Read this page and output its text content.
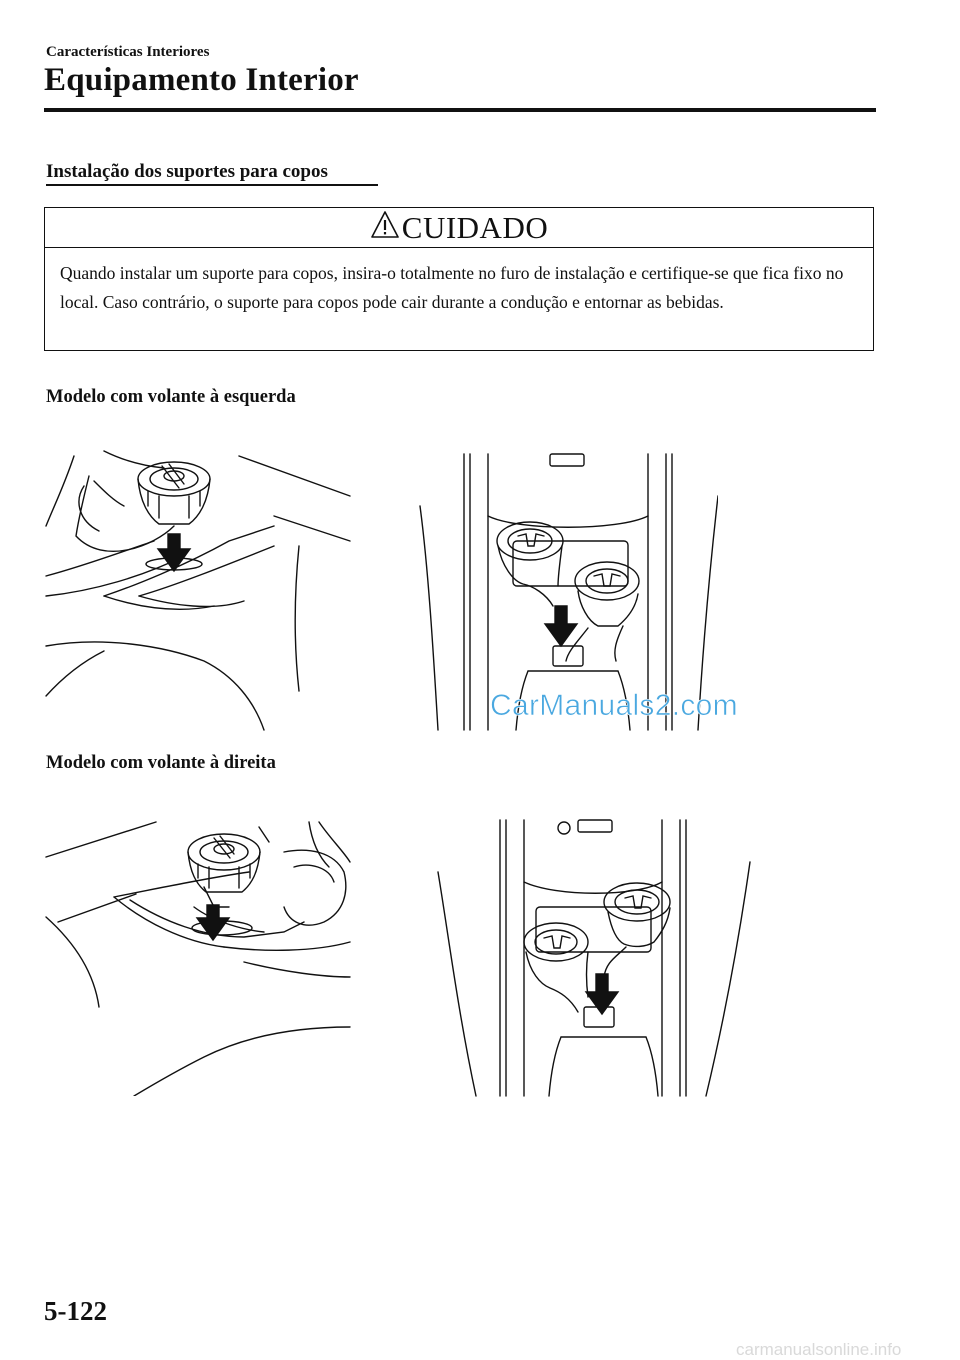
Características Interiores
Equipamento Interior
Instalação dos suportes para copos
CUIDADO
Quando instalar um suporte para copos, insira-o totalmente no furo de instalação e certifique-se que fica fixo no local. Caso contrário, o suporte para copos pode cair durante a condução e entornar as bebidas.
Modelo com volante à esquerda
CarManuals2.com
Modelo com volante à direita
5-122
carmanualsonline.info
